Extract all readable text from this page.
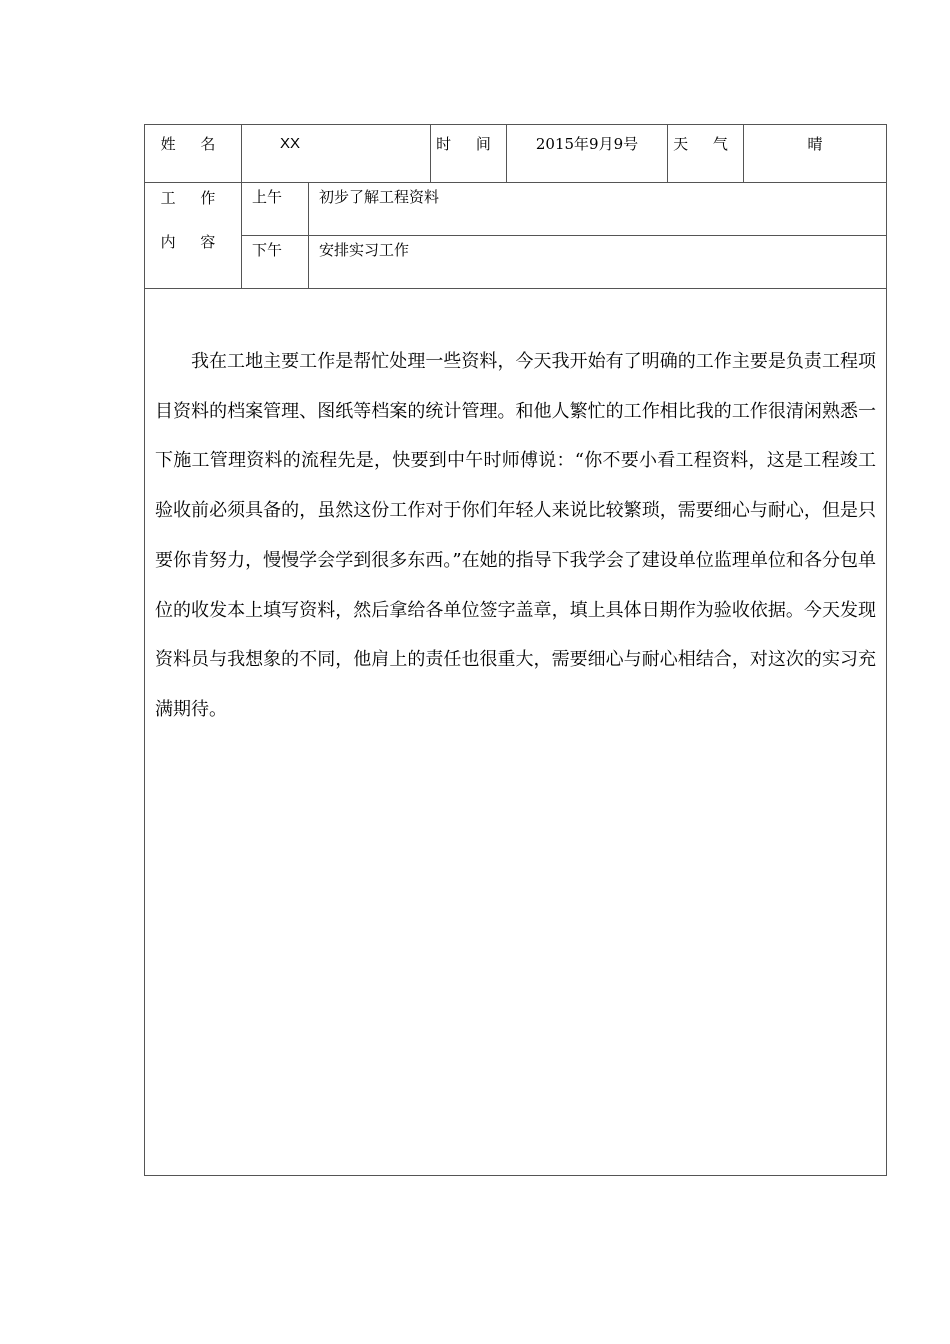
姓 名	XX		时 间	2015年9月9号	天 气	晴

工 作
内 容	上午	初步了解工程资料				
	下午	安排实习工作				

我在工地主要工作是帮忙处理一些资料，今天我开始有了明确的工作主要是负责工程项目资料的档案管理、图纸等档案的统计管理。和他人繁忙的工作相比我的工作很清闲熟悉一下施工管理资料的流程先是，快要到中午时师傅说：“你不要小看工程资料，这是工程竣工验收前必须具备的，虽然这份工作对于你们年轻人来说比较繁琐，需要细心与耐心，但是只要你肯努力，慢慢学会学到很多东西。”在她的指导下我学会了建设单位监理单位和各分包单位的收发本上填写资料，然后拿给各单位签字盖章，填上具体日期作为验收依据。今天发现资料员与我想象的不同，他肩上的责任也很重大，需要细心与耐心相结合，对这次的实习充满期待。						
